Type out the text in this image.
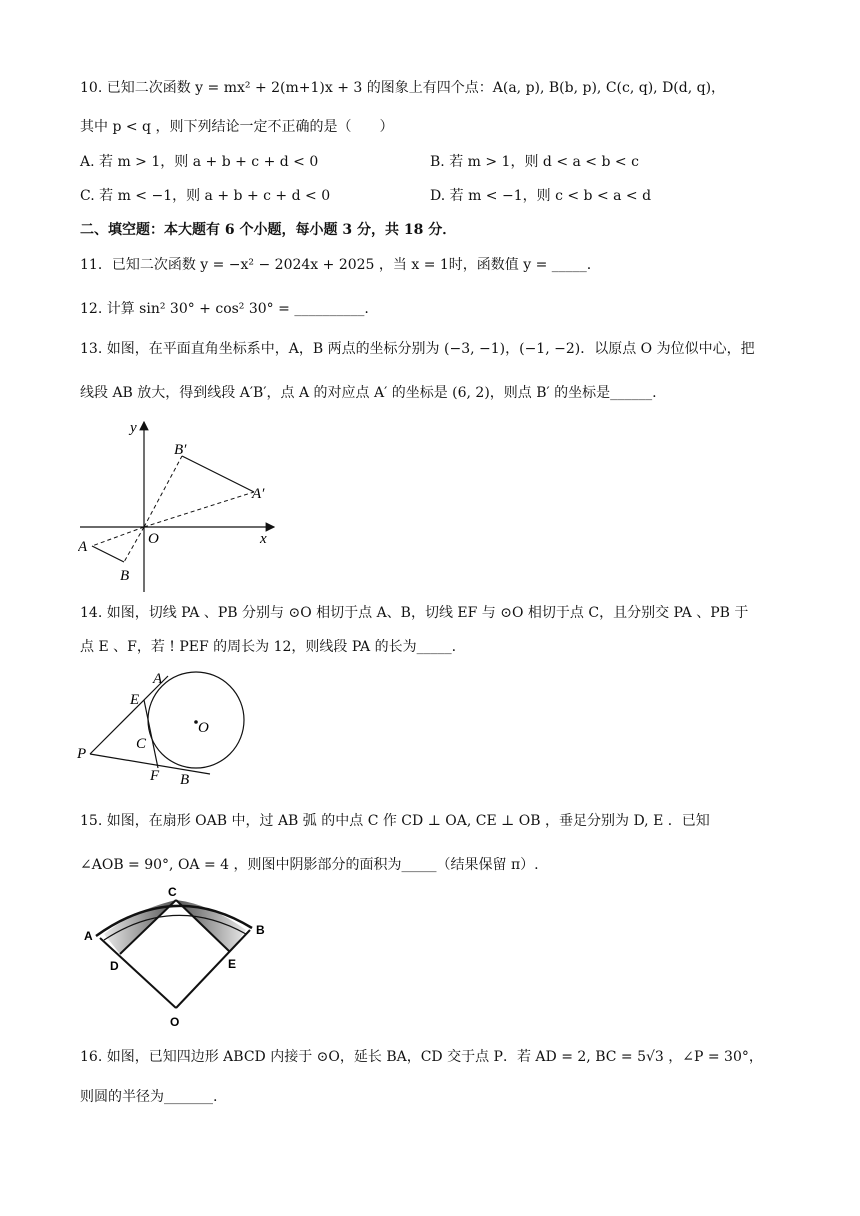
10. 已知二次函数 y = mx² + 2(m+1)x + 3 的图象上有四个点：A(a, p), B(b, p), C(c, q), D(d, q)，
其中 p < q ，则下列结论一定不正确的是（　　）
A. 若 m > 1，则 a + b + c + d < 0	B. 若 m > 1，则 d < a < b < c
C. 若 m < −1，则 a + b + c + d < 0	D. 若 m < −1，则 c < b < a < d
二、填空题：本大题有 6 个小题，每小题 3 分，共 18 分．
11．已知二次函数 y = −x² − 2024x + 2025 ，当 x = 1时，函数值 y = _____.
12. 计算 sin² 30° + cos² 30° = __________.
13. 如图，在平面直角坐标系中，A，B 两点的坐标分别为 (−3, −1)，(−1, −2)．以原点 O 为位似中心，把
线段 AB 放大，得到线段 A′B′，点 A 的对应点 A′ 的坐标是 (6, 2)，则点 B′ 的坐标是______.
y
x
O
A
B
A′
B′
14. 如图，切线 PA 、PB 分别与 ⊙O 相切于点 A、B，切线 EF 与 ⊙O 相切于点 C，且分别交 PA 、PB 于
点 E 、F，若 ! PEF 的周长为 12，则线段 PA 的长为_____.
P
E
A
C
F B
O
15. 如图，在扇形 OAB 中，过 AB 弧 的中点 C 作 CD ⊥ OA, CE ⊥ OB ，垂足分别为 D, E ．已知
∠AOB = 90°, OA = 4 ，则图中阴影部分的面积为_____（结果保留 π）.
C
A	B
D	E
O
16. 如图，已知四边形 ABCD 内接于 ⊙O，延长 BA，CD 交于点 P．若 AD = 2, BC = 5√3 ，∠P = 30°，
则圆的半径为_______.
